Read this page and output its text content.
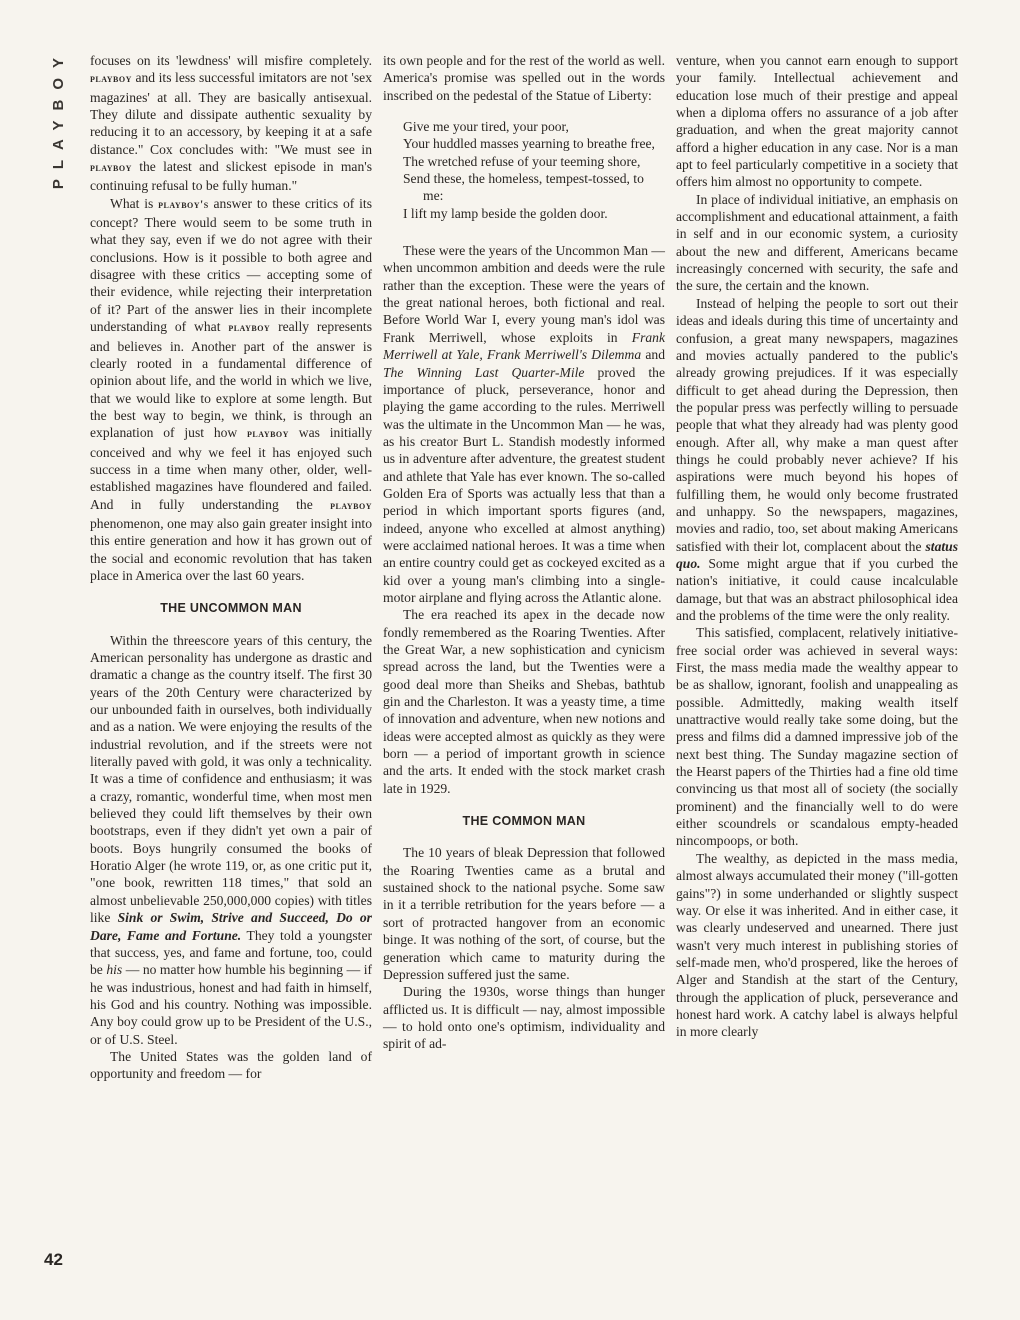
PLAYBOY
42

focuses on its 'lewdness' will misfire completely. playboy and its less successful imitators are not 'sex magazines' at all. They are basically antisexual. They dilute and dissipate authentic sexuality by reducing it to an accessory, by keeping it at a safe distance." Cox concludes with: "We must see in playboy the latest and slickest episode in man's continuing refusal to be fully human."

What is playboy's answer to these critics of its concept? There would seem to be some truth in what they say, even if we do not agree with their conclusions. How is it possible to both agree and disagree with these critics — accepting some of their evidence, while rejecting their interpretation of it? Part of the answer lies in their incomplete understanding of what playboy really represents and believes in. Another part of the answer is clearly rooted in a fundamental difference of opinion about life, and the world in which we live, that we would like to explore at some length. But the best way to begin, we think, is through an explanation of just how playboy was initially conceived and why we feel it has enjoyed such success in a time when many other, older, well-established magazines have floundered and failed. And in fully understanding the playboy phenomenon, one may also gain greater insight into this entire generation and how it has grown out of the social and economic revolution that has taken place in America over the last 60 years.

THE UNCOMMON MAN

Within the threescore years of this century, the American personality has undergone as drastic and dramatic a change as the country itself. The first 30 years of the 20th Century were characterized by our unbounded faith in ourselves, both individually and as a nation. We were enjoying the results of the industrial revolution, and if the streets were not literally paved with gold, it was only a technicality. It was a time of confidence and enthusiasm; it was a crazy, romantic, wonderful time, when most men believed they could lift themselves by their own bootstraps, even if they didn't yet own a pair of boots. Boys hungrily consumed the books of Horatio Alger (he wrote 119, or, as one critic put it, "one book, rewritten 118 times," that sold an almost unbelievable 250,000,000 copies) with titles like Sink or Swim, Strive and Succeed, Do or Dare, Fame and Fortune. They told a youngster that success, yes, and fame and fortune, too, could be his — no matter how humble his beginning — if he was industrious, honest and had faith in himself, his God and his country. Nothing was impossible. Any boy could grow up to be President of the U.S., or of U.S. Steel.

The United States was the golden land of opportunity and freedom — for

its own people and for the rest of the world as well. America's promise was spelled out in the words inscribed on the pedestal of the Statue of Liberty:

Give me your tired, your poor,
Your huddled masses yearning to breathe free,
The wretched refuse of your teeming shore,
Send these, the homeless, tempest-tossed, to me:
I lift my lamp beside the golden door.

These were the years of the Uncommon Man — when uncommon ambition and deeds were the rule rather than the exception. These were the years of the great national heroes, both fictional and real. Before World War I, every young man's idol was Frank Merriwell, whose exploits in Frank Merriwell at Yale, Frank Merriwell's Dilemma and The Winning Last Quarter-Mile proved the importance of pluck, perseverance, honor and playing the game according to the rules. Merriwell was the ultimate in the Uncommon Man — he was, as his creator Burt L. Standish modestly informed us in adventure after adventure, the greatest student and athlete that Yale has ever known. The so-called Golden Era of Sports was actually less that than a period in which important sports figures (and, indeed, anyone who excelled at almost anything) were acclaimed national heroes. It was a time when an entire country could get as cockeyed excited as a kid over a young man's climbing into a single-motor airplane and flying across the Atlantic alone.

The era reached its apex in the decade now fondly remembered as the Roaring Twenties. After the Great War, a new sophistication and cynicism spread across the land, but the Twenties were a good deal more than Sheiks and Shebas, bathtub gin and the Charleston. It was a yeasty time, a time of innovation and adventure, when new notions and ideas were accepted almost as quickly as they were born — a period of important growth in science and the arts. It ended with the stock market crash late in 1929.

THE COMMON MAN

The 10 years of bleak Depression that followed the Roaring Twenties came as a brutal and sustained shock to the national psyche. Some saw in it a terrible retribution for the years before — a sort of protracted hangover from an economic binge. It was nothing of the sort, of course, but the generation which came to maturity during the Depression suffered just the same.

During the 1930s, worse things than hunger afflicted us. It is difficult — nay, almost impossible — to hold onto one's optimism, individuality and spirit of ad-

venture, when you cannot earn enough to support your family. Intellectual achievement and education lose much of their prestige and appeal when a diploma offers no assurance of a job after graduation, and when the great majority cannot afford a higher education in any case. Nor is a man apt to feel particularly competitive in a society that offers him almost no opportunity to compete.

In place of individual initiative, an emphasis on accomplishment and educational attainment, a faith in self and in our economic system, a curiosity about the new and different, Americans became increasingly concerned with security, the safe and the sure, the certain and the known.

Instead of helping the people to sort out their ideas and ideals during this time of uncertainty and confusion, a great many newspapers, magazines and movies actually pandered to the public's already growing prejudices. If it was especially difficult to get ahead during the Depression, then the popular press was perfectly willing to persuade people that what they already had was plenty good enough. After all, why make a man quest after things he could probably never achieve? If his aspirations were much beyond his hopes of fulfilling them, he would only become frustrated and unhappy. So the newspapers, magazines, movies and radio, too, set about making Americans satisfied with their lot, complacent about the status quo. Some might argue that if you curbed the nation's initiative, it could cause incalculable damage, but that was an abstract philosophical idea and the problems of the time were the only reality.

This satisfied, complacent, relatively initiative-free social order was achieved in several ways: First, the mass media made the wealthy appear to be as shallow, ignorant, foolish and unappealing as possible. Admittedly, making wealth itself unattractive would really take some doing, but the press and films did a damned impressive job of the next best thing. The Sunday magazine section of the Hearst papers of the Thirties had a fine old time convincing us that most all of society (the socially prominent) and the financially well to do were either scoundrels or scandalous empty-headed nincompoops, or both.

The wealthy, as depicted in the mass media, almost always accumulated their money ("ill-gotten gains"?) in some underhanded or slightly suspect way. Or else it was inherited. And in either case, it was clearly undeserved and unearned. There just wasn't very much interest in publishing stories of self-made men, who'd prospered, like the heroes of Alger and Standish at the start of the Century, through the application of pluck, perseverance and honest hard work. A catchy label is always helpful in more clearly
